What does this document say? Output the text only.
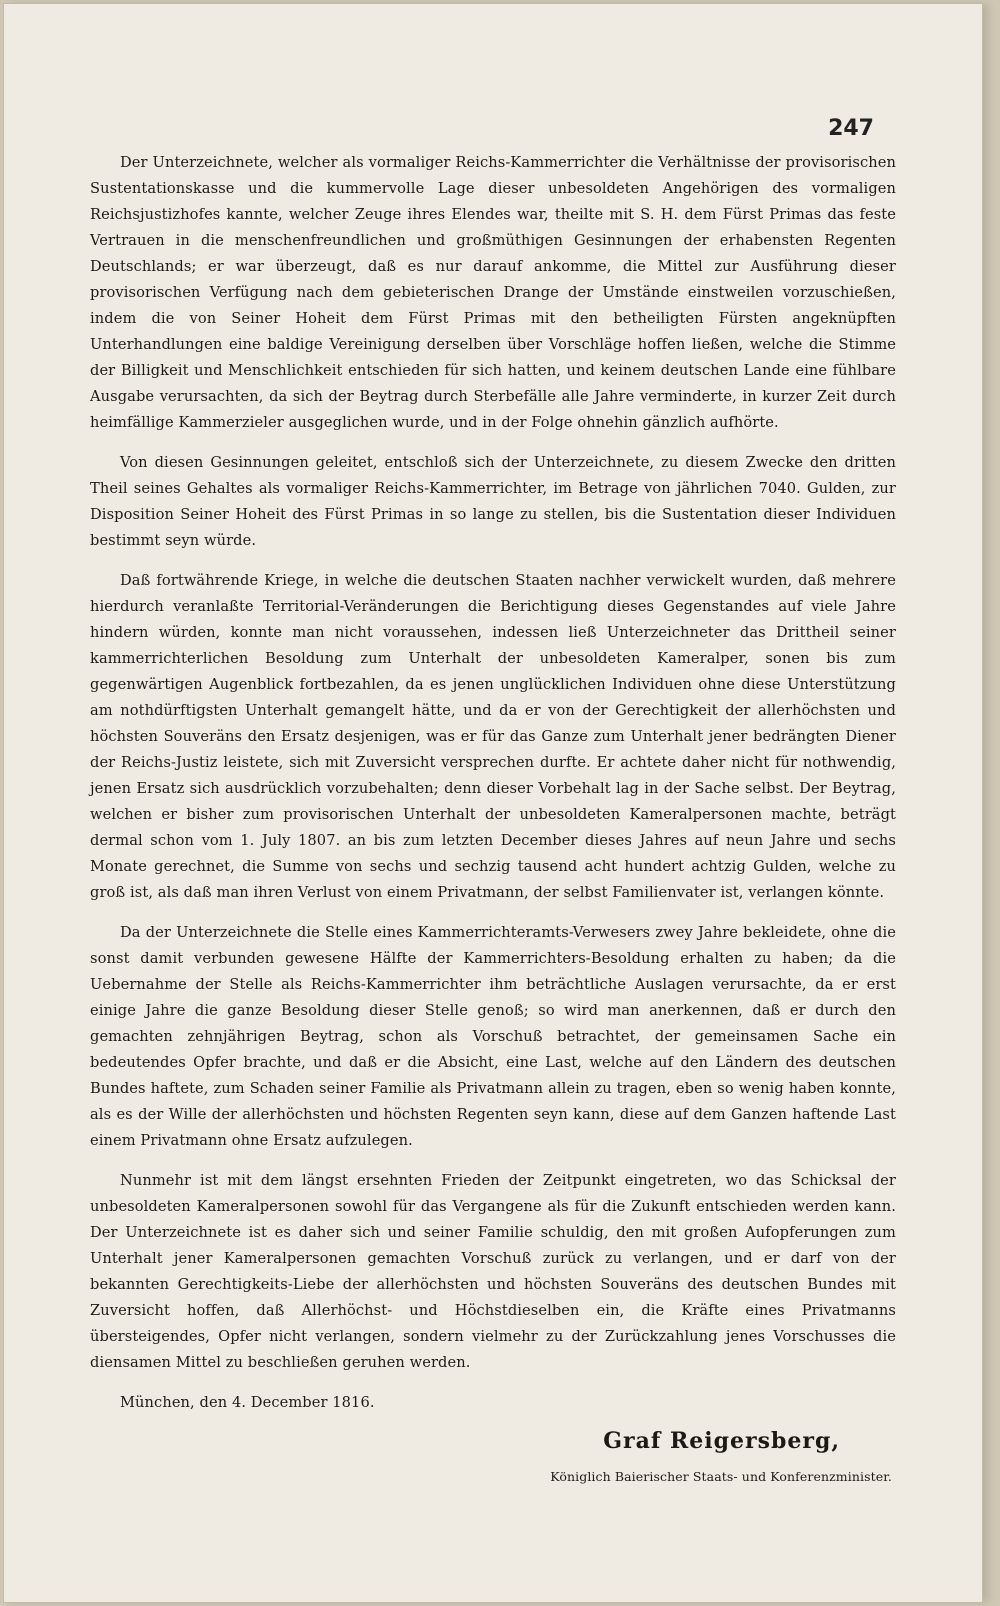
247

Der Unterzeichnete, welcher als vormaliger Reichs-Kammerrichter die Verhältnisse der provisorischen Sustentationskasse und die kummervolle Lage dieser unbesoldeten Angehörigen des vormaligen Reichsjustizhofes kannte, welcher Zeuge ihres Elendes war, theilte mit S. H. dem Fürst Primas das feste Vertrauen in die menschenfreundlichen und großmüthigen Gesinnungen der erhabensten Regenten Deutschlands; er war überzeugt, daß es nur darauf ankomme, die Mittel zur Ausführung dieser provisorischen Verfügung nach dem gebieterischen Drange der Umstände einstweilen vorzuschießen, indem die von Seiner Hoheit dem Fürst Primas mit den betheiligten Fürsten angeknüpften Unterhandlungen eine baldige Vereinigung derselben über Vorschläge hoffen ließen, welche die Stimme der Billigkeit und Menschlichkeit entschieden für sich hatten, und keinem deutschen Lande eine fühlbare Ausgabe verursachten, da sich der Beytrag durch Sterbefälle alle Jahre verminderte, in kurzer Zeit durch heimfällige Kammerzieler ausgeglichen wurde, und in der Folge ohnehin gänzlich aufhörte.

Von diesen Gesinnungen geleitet, entschloß sich der Unterzeichnete, zu diesem Zwecke den dritten Theil seines Gehaltes als vormaliger Reichs-Kammerrichter, im Betrage von jährlichen 7040. Gulden, zur Disposition Seiner Hoheit des Fürst Primas in so lange zu stellen, bis die Sustentation dieser Individuen bestimmt seyn würde.

Daß fortwährende Kriege, in welche die deutschen Staaten nachher verwickelt wurden, daß mehrere hierdurch veranlaßte Territorial-Veränderungen die Berichtigung dieses Gegenstandes auf viele Jahre hindern würden, konnte man nicht voraussehen, indessen ließ Unterzeichneter das Drittheil seiner kammerrichterlichen Besoldung zum Unterhalt der unbesoldeten Kameralper, sonen bis zum gegenwärtigen Augenblick fortbezahlen, da es jenen unglücklichen Individuen ohne diese Unterstützung am nothdürftigsten Unterhalt gemangelt hätte, und da er von der Gerechtigkeit der allerhöchsten und höchsten Souveräns den Ersatz desjenigen, was er für das Ganze zum Unterhalt jener bedrängten Diener der Reichs-Justiz leistete, sich mit Zuversicht versprechen durfte. Er achtete daher nicht für nothwendig, jenen Ersatz sich ausdrücklich vorzubehalten; denn dieser Vorbehalt lag in der Sache selbst. Der Beytrag, welchen er bisher zum provisorischen Unterhalt der unbesoldeten Kameralpersonen machte, beträgt dermal schon vom 1. July 1807. an bis zum letzten December dieses Jahres auf neun Jahre und sechs Monate gerechnet, die Summe von sechs und sechzig tausend acht hundert achtzig Gulden, welche zu groß ist, als daß man ihren Verlust von einem Privatmann, der selbst Familienvater ist, verlangen könnte.

Da der Unterzeichnete die Stelle eines Kammerrichteramts-Verwesers zwey Jahre bekleidete, ohne die sonst damit verbunden gewesene Hälfte der Kammerrichters-Besoldung erhalten zu haben; da die Uebernahme der Stelle als Reichs-Kammerrichter ihm beträchtliche Auslagen verursachte, da er erst einige Jahre die ganze Besoldung dieser Stelle genoß; so wird man anerkennen, daß er durch den gemachten zehnjährigen Beytrag, schon als Vorschuß betrachtet, der gemeinsamen Sache ein bedeutendes Opfer brachte, und daß er die Absicht, eine Last, welche auf den Ländern des deutschen Bundes haftete, zum Schaden seiner Familie als Privatmann allein zu tragen, eben so wenig haben konnte, als es der Wille der allerhöchsten und höchsten Regenten seyn kann, diese auf dem Ganzen haftende Last einem Privatmann ohne Ersatz aufzulegen.

Nunmehr ist mit dem längst ersehnten Frieden der Zeitpunkt eingetreten, wo das Schicksal der unbesoldeten Kameralpersonen sowohl für das Vergangene als für die Zukunft entschieden werden kann. Der Unterzeichnete ist es daher sich und seiner Familie schuldig, den mit großen Aufopferungen zum Unterhalt jener Kameralpersonen gemachten Vorschuß zurück zu verlangen, und er darf von der bekannten Gerechtigkeits-Liebe der allerhöchsten und höchsten Souveräns des deutschen Bundes mit Zuversicht hoffen, daß Allerhöchst- und Höchstdieselben ein, die Kräfte eines Privatmanns übersteigendes, Opfer nicht verlangen, sondern vielmehr zu der Zurückzahlung jenes Vorschusses die diensamen Mittel zu beschließen geruhen werden.

München, den 4. December 1816.

Graf Reigersberg,

Königlich Baierischer Staats- und Konferenzminister.
